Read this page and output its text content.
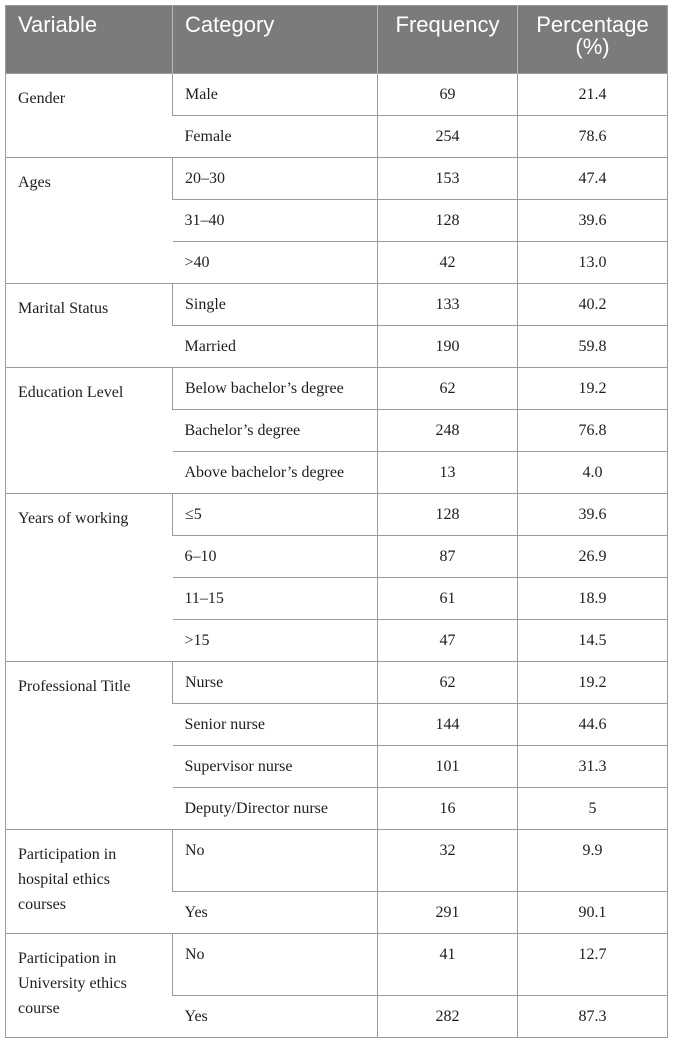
Variable	Category	Frequency	Percentage (%)
Gender	Male	69	21.4
	Female	254	78.6
Ages	20–30	153	47.4
	31–40	128	39.6
	>40	42	13.0
Marital Status	Single	133	40.2
	Married	190	59.8
Education Level	Below bachelor’s degree	62	19.2
	Bachelor’s degree	248	76.8
	Above bachelor’s degree	13	4.0
Years of working	≤5	128	39.6
	6–10	87	26.9
	11–15	61	18.9
	>15	47	14.5
Professional Title	Nurse	62	19.2
	Senior nurse	144	44.6
	Supervisor nurse	101	31.3
	Deputy/Director nurse	16	5
Participation in hospital ethics courses	No	32	9.9
	Yes	291	90.1
Participation in University ethics course	No	41	12.7
	Yes	282	87.3
